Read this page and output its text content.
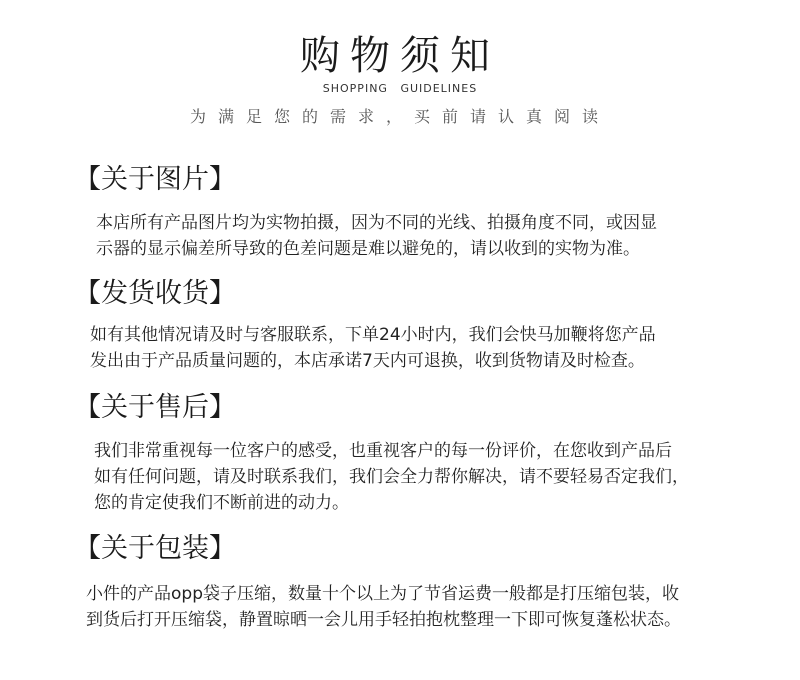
购物须知
SHOPPING GUIDELINES
为满足您的需求，买前请认真阅读
【关于图片】
本店所有产品图片均为实物拍摄，因为不同的光线、拍摄角度不同，或因显
示器的显示偏差所导致的色差问题是难以避免的，请以收到的实物为准。
【发货收货】
如有其他情况请及时与客服联系，下单24小时内，我们会快马加鞭将您产品
发出由于产品质量问题的，本店承诺7天内可退换，收到货物请及时检查。
【关于售后】
我们非常重视每一位客户的感受，也重视客户的每一份评价，在您收到产品后
如有任何问题，请及时联系我们，我们会全力帮你解决，请不要轻易否定我们，
您的肯定使我们不断前进的动力。
【关于包装】
小件的产品opp袋子压缩，数量十个以上为了节省运费一般都是打压缩包装，收
到货后打开压缩袋，静置晾晒一会儿用手轻拍抱枕整理一下即可恢复蓬松状态。
